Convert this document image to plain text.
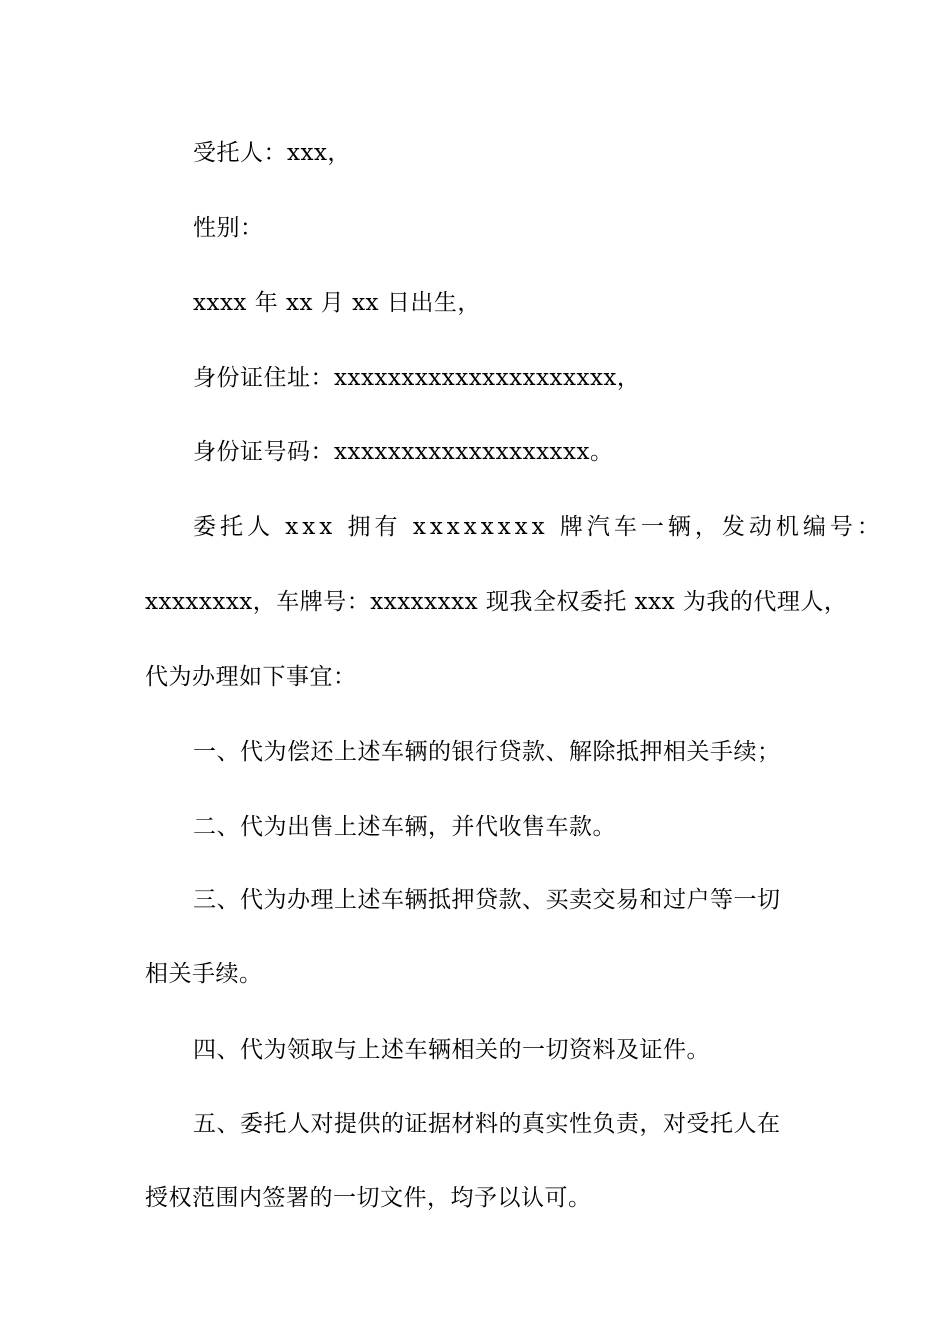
受托人：xxx，
性别：
xxxx 年 xx 月 xx 日出生，
身份证住址：xxxxxxxxxxxxxxxxxxxxx，
身份证号码：xxxxxxxxxxxxxxxxxxx。
委托人 xxx 拥有 xxxxxxxx 牌汽车一辆，发动机编号：
xxxxxxxx，车牌号：xxxxxxxx 现我全权委托 xxx 为我的代理人，
代为办理如下事宜：
一、代为偿还上述车辆的银行贷款、解除抵押相关手续；
二、代为出售上述车辆，并代收售车款。
三、代为办理上述车辆抵押贷款、买卖交易和过户等一切
相关手续。
四、代为领取与上述车辆相关的一切资料及证件。
五、委托人对提供的证据材料的真实性负责，对受托人在
授权范围内签署的一切文件，均予以认可。
